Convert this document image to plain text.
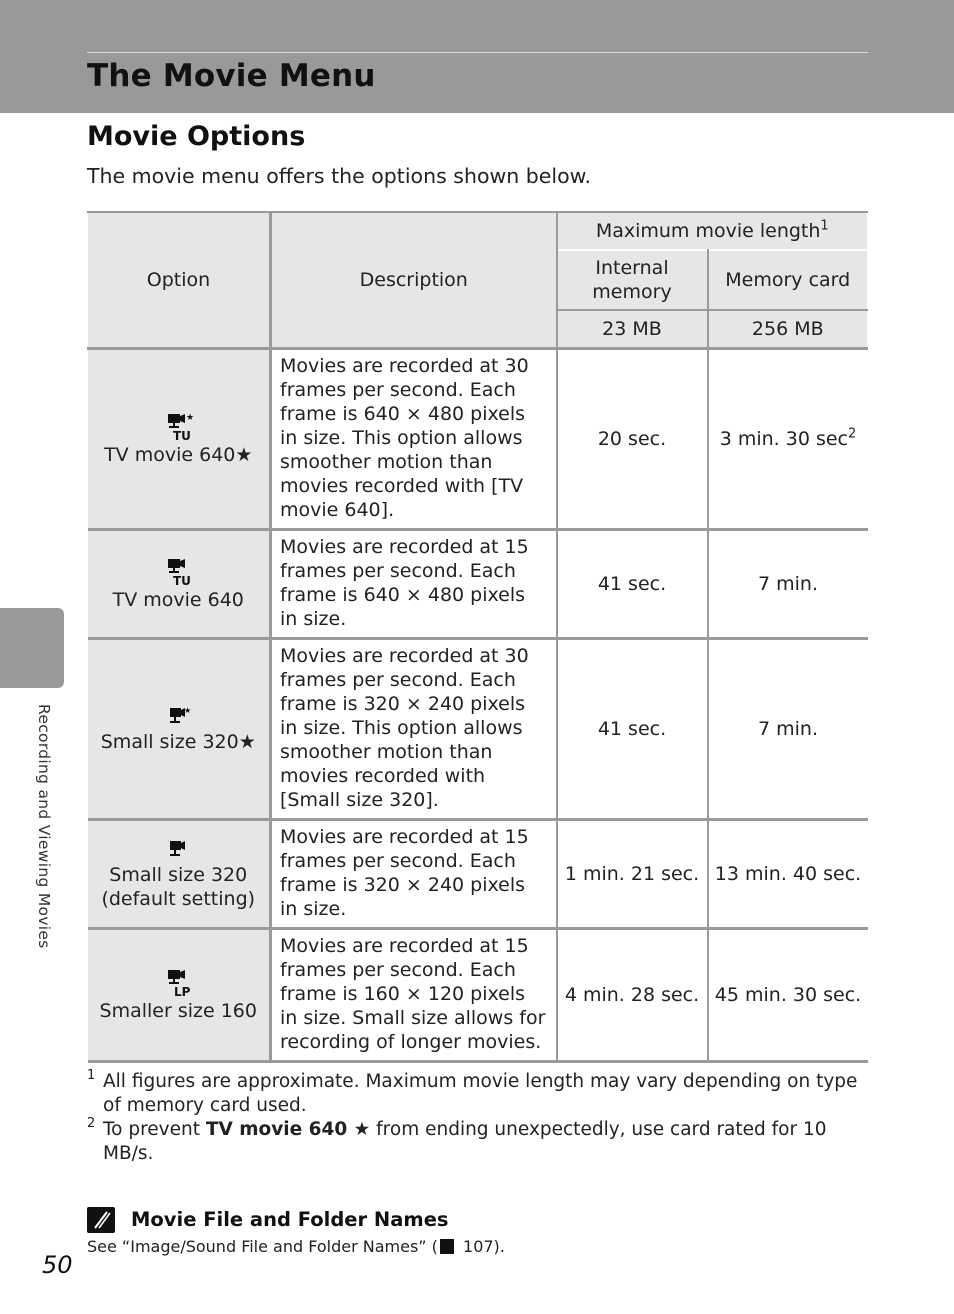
The Movie Menu
Movie Options
The movie menu offers the options shown below.
Option	Description	Maximum movie length$^1$
		Internal memory	Memory card
		23 MB	256 MB

★
TU
TV movie 640★	Movies are recorded at 30 frames per second. Each frame is 640 × 480 pixels in size. This option allows smoother motion than movies recorded with [TV movie 640].	20 sec.	3 min. 30 $\sec^2$

TU
TV movie 640	Movies are recorded at 15 frames per second. Each frame is 640 × 480 pixels in size.	41 sec.	7 min.

★
Small size 320★	Movies are recorded at 30 frames per second. Each frame is 320 × 240 pixels in size. This option allows smoother motion than movies recorded with [Small size 320].	41 sec.	7 min.

Small size 320 (default setting)	Movies are recorded at 15 frames per second. Each frame is 320 × 240 pixels in size.	1 min. 21 sec.	13 min. 40 sec.

LP
Smaller size 160	Movies are recorded at 15 frames per second. Each frame is 160 × 120 pixels in size. Small size allows for recording of longer movies.	4 min. 28 sec.	45 min. 30 sec.
1 All figures are approximate. Maximum movie length may vary depending on type of memory card used.
2 To prevent TV movie 640 ★ from ending unexpectedly, use card rated for 10 MB/s.
Movie File and Folder Names
See “Image/Sound File and Folder Names” ( 107).
Recording and Viewing Movies
50
